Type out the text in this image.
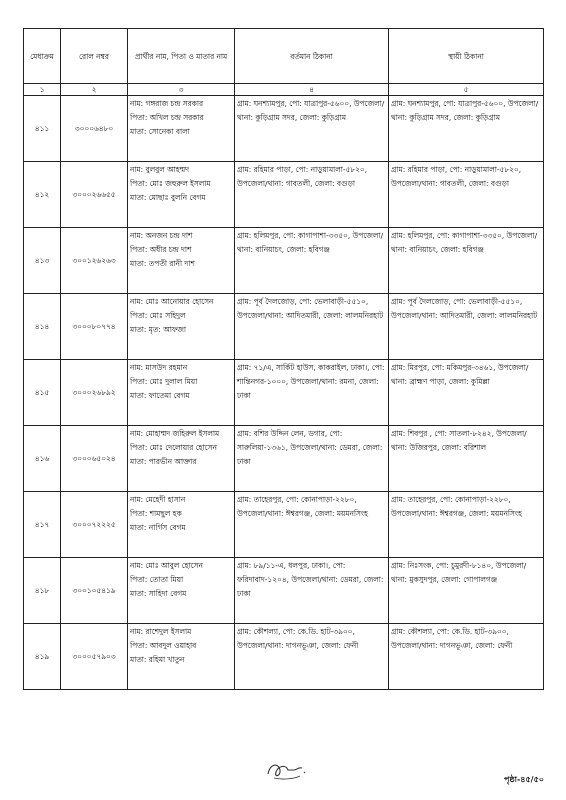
মেধাক্রম	রোল নম্বর	প্রার্থীর নাম, পিতা ও মাতার নাম	বর্তমান ঠিকানা	স্থায়ী ঠিকানা
১	২	৩	৪	৫
৪১১	৩০০০৬৪৮০	নাম: গঙ্গরাজ চন্দ্র সরকার
পিতা: অখিল চন্দ্র সরকার
মাতা: সোনেকা বালা	গ্রাম: ঘনশ্যামপুর, পো: যাত্রাপুর-৫৬০০, উপজেলা/থানা: কুড়িগ্রাম সদর, জেলা: কুড়িগ্রাম	গ্রাম: ঘনশ্যামপুর, পো: যাত্রাপুর-৫৬০০, উপজেলা/থানা: কুড়িগ্রাম সদর, জেলা: কুড়িগ্রাম

৪১২	৩০০০২৬৬৫৫	নাম: বুলবুল আহম্মদ
পিতা: মোঃ জহুরুল ইসলাম
মাতা: মোছাঃ বুলনি বেগম	গ্রাম: রহিমার পাড়া, পো: নাড়ুয়ামালা-৫৮২০, উপজেলা/থানা: গাবতলী, জেলা: বগুড়া	গ্রাম: রহিমার পাড়া, পো: নাড়ুয়ামালা-৫৮২০, উপজেলা/থানা: গাবতলী, জেলা: বগুড়া

৪১৩	৩০০১২৬২৬৩	নাম: অনজন চন্দ্র দাশ
পিতা: অধীর চন্দ্র দাশ
মাতা: তপতী রানী দাশ	গ্রাম: হলিমপুর, পো: কাগাপাশা-৩৩৫০, উপজেলা/থানা: বানিয়াচং, জেলা: হবিগঞ্জ	গ্রাম: হলিমপুর, পো: কাগাপাশা-৩৩৫০, উপজেলা/থানা: বানিয়াচং, জেলা: হবিগঞ্জ

৪১৪	৩০০০৮০৭৭৪	নাম: মোঃ আনোয়ার হোসেন
পিতা: মোঃ সহিদুল
মাতা: মৃত: আফজা	গ্রাম: পূর্ব দৈলজোড়, পো: ভেলাবাড়ী-৫৫১০, উপজেলা/থানা: আদিতমারী, জেলা: লালমনিরহাট	গ্রাম: পূর্ব দৈলজোড়, পো: ভেলাবাড়ী-৫৫১০, উপজেলা/থানা: আদিতমারী, জেলা: লালমনিরহাট

৪১৫	৩০০০২৬৮৯২	নাম: মাসউদ রহমান
পিতা: মোঃ দুলাল মিয়া
মাতা: ফাতেমা বেগম	গ্রাম: ৭১/এ, সার্কিট হাউস, কাকরাইল, ঢাকা।, পো: শান্তিনগর-১০০০, উপজেলা/থানা: রমনা, জেলা: ঢাকা	গ্রাম: মিরপুর, পো: মকিমপুর-৩৪৬১, উপজেলা/থানা: ব্রাহ্মণ পাড়া, জেলা: কুমিল্লা

৪১৬	৩০০০৬৫০২৪	নাম: মোহাম্মদ জহিরুল ইসলাম
পিতা: মোঃ দেলোয়ার হোসেন
মাতা: পারভীন আক্তার	গ্রাম: বশির উদ্দিন লেন, ডগার, পো: সারুলিয়া-১৩৬১, উপজেলা/থানা: ডেমরা, জেলা: ঢাকা	গ্রাম: শিবপুর , পো: সাতলা-৮২৪২, উপজেলা/থানা: উজিরপুর, জেলা: বরিশাল

৪১৭	৩০০০৭২২২৫	নাম: মেহেদী হাসান
পিতা: শামছুল হক
মাতা: নার্গিস বেগম	গ্রাম: তাহেরপুর, পো: কোনাপাড়া-২২৮০, উপজেলা/থানা: ঈশ্বরগঞ্জ, জেলা: ময়মনসিংহ	গ্রাম: তাহেরপুর, পো: কোনাপাড়া-২২৮০, উপজেলা/থানা: ঈশ্বরগঞ্জ, জেলা: ময়মনসিংহ

৪১৮	৩০০১০৫৪১৯	নাম: মোঃ আবুল হোসেন
পিতা: তোতা মিয়া
মাতা: সাহিদা বেগম	গ্রাম: ৮৯/১১-এ, ধলপুর, ঢাকা।, পো: ফরিদাবাদ-১২০৪, উপজেলা/থানা: ডেমরা, জেলা: ঢাকা	গ্রাম: নিঃসংক, পো: চুমুরদী-৮১৪০, উপজেলা/থানা: মুকসুদপুর, জেলা: গোপালগঞ্জ

৪১৯	৩০০০৫৭৯০৩	নাম: রাশেদুল ইসলাম
পিতা: আবদুল ওয়াহাব
মাতা: রহিমা খাতুন	গ্রাম: কৌশল্যা, পো: কে.ডি. হাট-৩৯০০, উপজেলা/থানা: দাগনভূঞা, জেলা: ফেনী	গ্রাম: কৌশল্যা, পো: কে.ডি. হাট-৩৯০০, উপজেলা/থানা: দাগনভূঞা, জেলা: ফেনী
পৃষ্ঠা-৪৫/৫০
